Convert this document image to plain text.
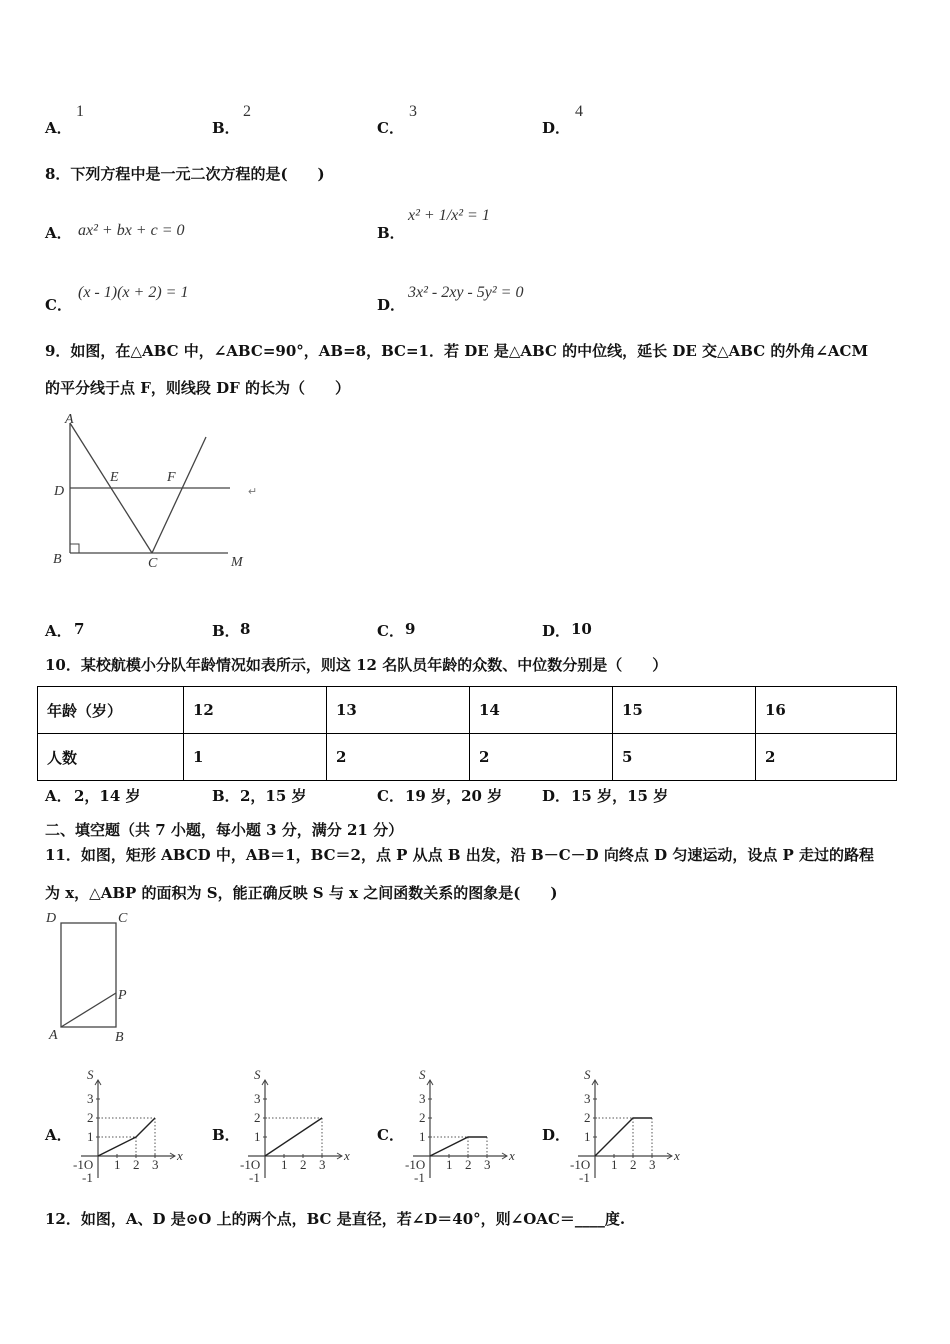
A．
1
B．
2
C．
3
D．
4
8．下列方程中是一元二次方程的是(　　)
A． ax² + bx + c = 0	B．
x² + 1/x² = 1
C．
(x - 1)(x + 2) = 1
D．
3x² - 2xy - 5y² = 0
9．如图，在△ABC 中，∠ABC=90°，AB=8，BC=1．若 DE 是△ABC 的中位线，延长 DE 交△ABC 的外角∠ACM
的平分线于点 F，则线段 DF 的长为（　　）
A
D
E	F
B	C	M
↵
A． 7	B． 8	C． 9	D． 10
10．某校航模小分队年龄情况如表所示，则这 12 名队员年龄的众数、中位数分别是（　　）
年龄（岁）	12	13	14	15	16
人数	1	2	2	5	2
A． 2，14 岁	B． 2，15 岁	C． 19 岁，20 岁	D． 15 岁，15 岁
二、填空题（共 7 小题，每小题 3 分，满分 21 分）
11．如图，矩形 ABCD 中，AB＝1，BC＝2，点 P 从点 B 出发，沿 B－C－D 向终点 D 匀速运动，设点 P 走过的路程
为 x，△ABP 的面积为 S，能正确反映 S 与 x 之间函数关系的图象是(　　)
D	C
P
A	B
A．
S
x
-1O
-1
1
1
2
2
3
3
B．
S
x
-1O
-1
1
1
2
2
3
3
C．
S
x
-1O
-1
1
1
2
2
3
3
D．
S
x
-1O
-1
1
1
2
2
3
3
12．如图，A、D 是⊙O 上的两个点，BC 是直径，若∠D＝40°，则∠OAC＝____度.
